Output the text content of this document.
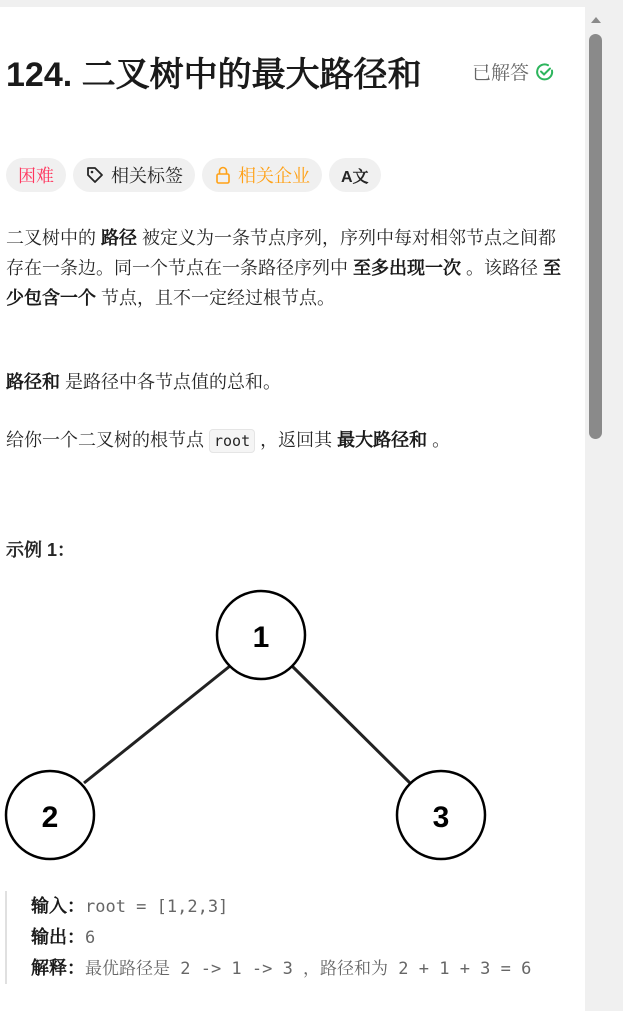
124. 二叉树中的最大路径和	已解答
困难	相关标签	相关企业	A文
二叉树中的 路径 被定义为一条节点序列，序列中每对相邻节点之间都存在一条边。同一个节点在一条路径序列中 至多出现一次 。该路径 至少包含一个 节点，且不一定经过根节点。
路径和 是路径中各节点值的总和。
给你一个二叉树的根节点 root ，返回其 最大路径和 。
示例 1：
1
2	3
输入：root = [1,2,3]
输出：6
解释：最优路径是 2 -> 1 -> 3 ，路径和为 2 + 1 + 3 = 6
